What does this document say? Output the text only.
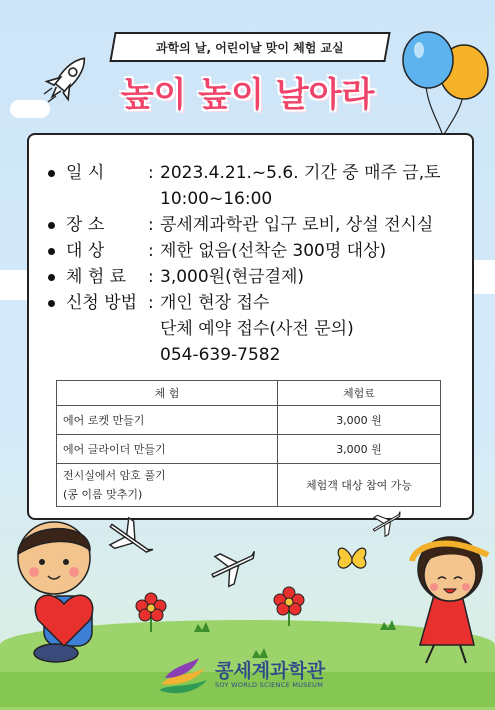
과학의 날, 어린이날 맞이 체험 교실
높이 높이 날아라
일 시	: 2023.4.21.~5.6. 기간 중 매주 금,토
10:00~16:00
장 소	: 콩세계과학관 입구 로비, 상설 전시실
대 상	: 제한 없음(선착순 300명 대상)
체 험 료 : 3,000원(현금결제)
신청 방법 : 개인 현장 접수
단체 예약 접수(사전 문의)
054-639-7582
체 험	체험료
에어 로켓 만들기	3,000 원
에어 글라이더 만들기	3,000 원

전시실에서 암호 풀기
(콩 이름 맞추기)	체험객 대상 참여 가능
콩세계과학관
SOY WORLD SCIENCE MUSEUM
